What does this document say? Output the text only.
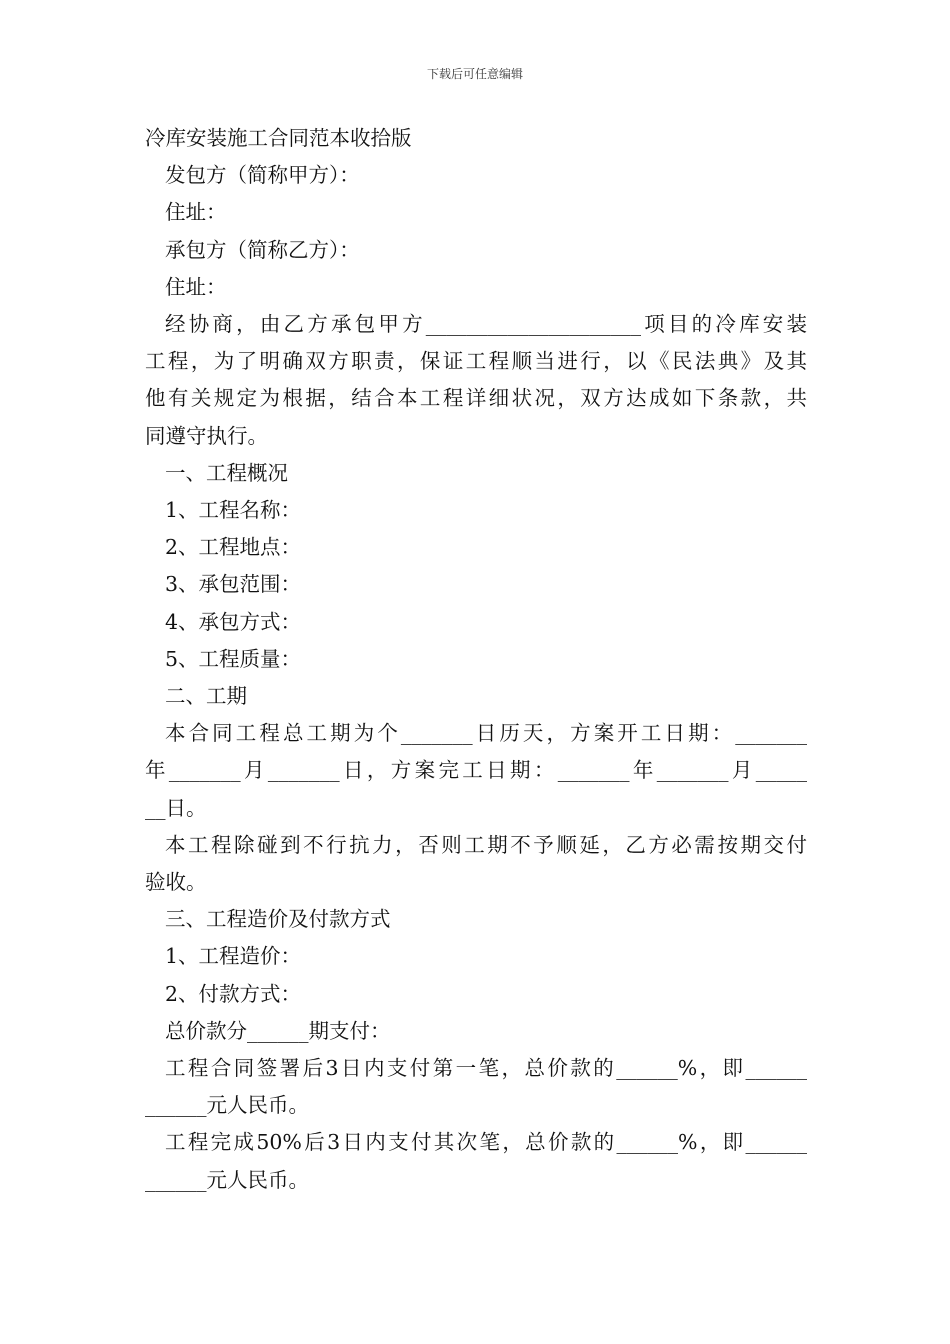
下载后可任意编辑
冷库安装施工合同范本收拾版
发包方（简称甲方）：
住址：
承包方（简称乙方）：
住址：
经协商，由乙方承包甲方_____________________项目的冷库安装
工程，为了明确双方职责，保证工程顺当进行，以《民法典》及其
他有关规定为根据，结合本工程详细状况，双方达成如下条款，共
同遵守执行。
一、工程概况
1、工程名称：
2、工程地点：
3、承包范围：
4、承包方式：
5、工程质量：
二、工期
本合同工程总工期为个_______日历天，方案开工日期：_______
年_______月_______日，方案完工日期：_______年_______月_____
__日。
本工程除碰到不行抗力，否则工期不予顺延，乙方必需按期交付
验收。
三、工程造价及付款方式
1、工程造价：
2、付款方式：
总价款分______期支付：
工程合同签署后3日内支付第一笔，总价款的______%，即______
______元人民币。
工程完成50%后3日内支付其次笔，总价款的______%，即______
______元人民币。
